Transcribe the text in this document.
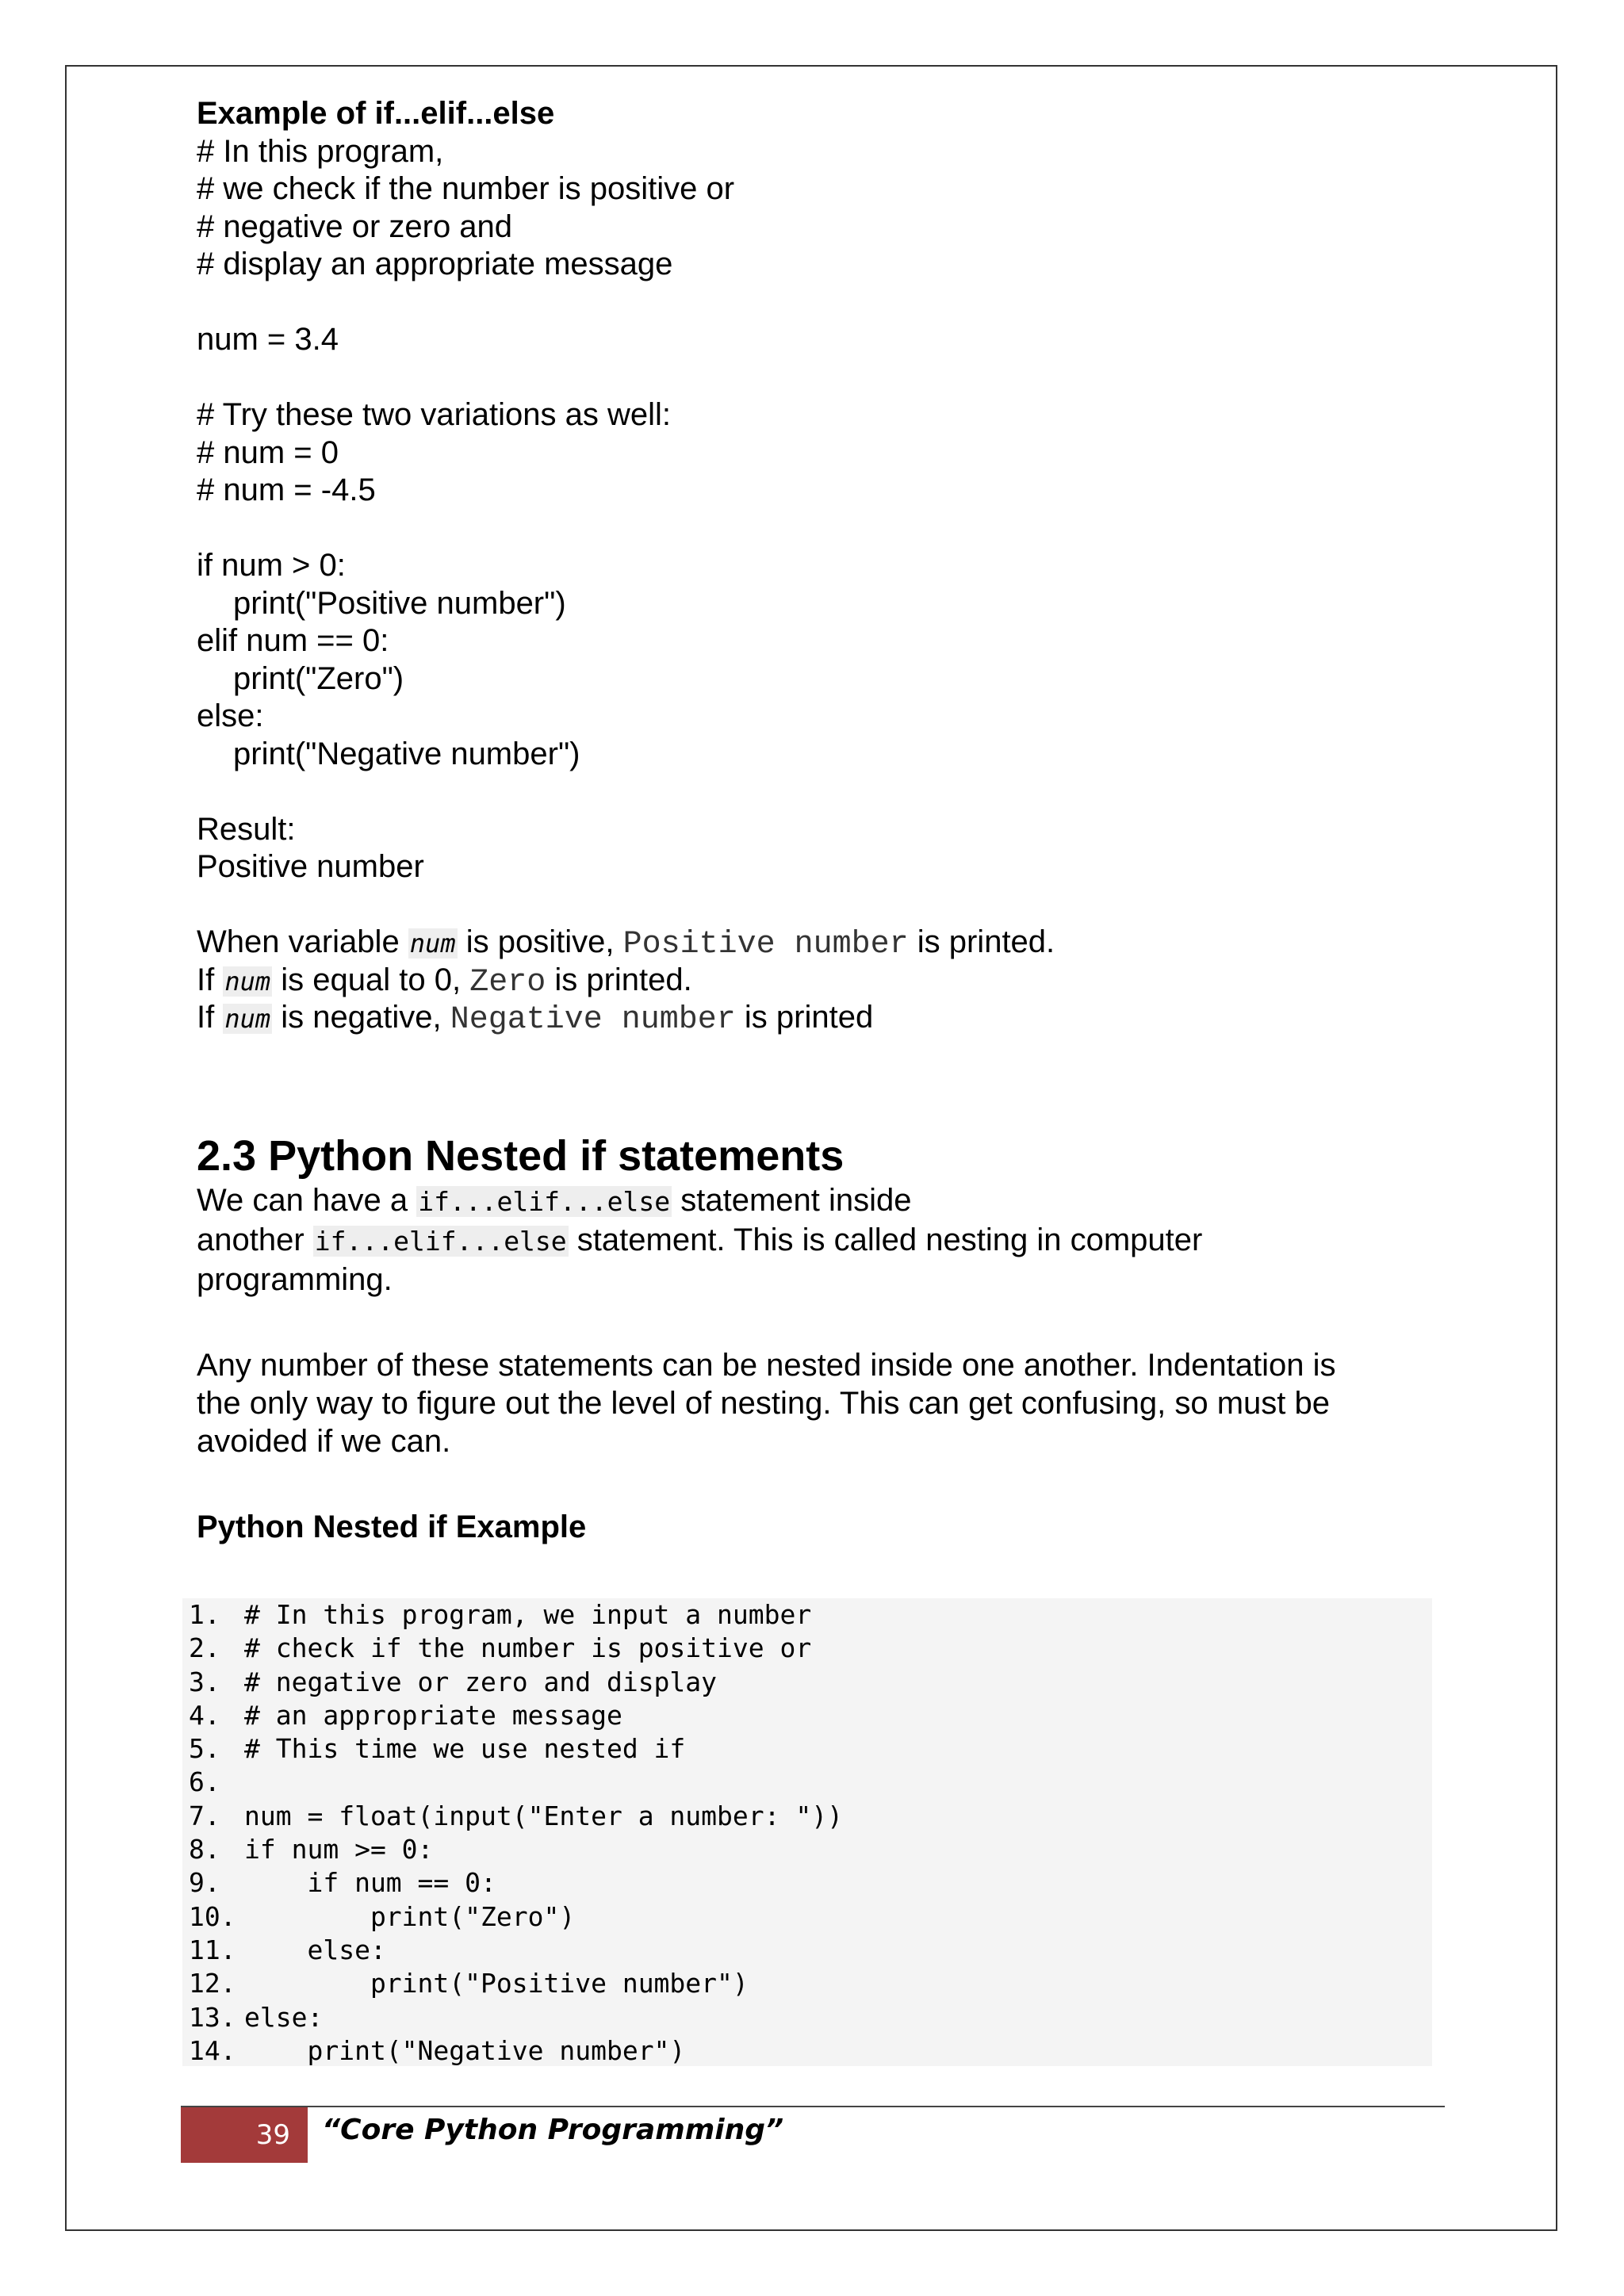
Example of if...elif...else

# In this program,

# we check if the number is positive or

# negative or zero and

# display an appropriate message

num = 3.4

# Try these two variations as well:

# num = 0

# num = -4.5

if num > 0:

print("Positive number")

elif num == 0:

print("Zero")

else:

print("Negative number")

Result:

Positive number

When variable num is positive, Positive number is printed.

If num is equal to 0, Zero is printed.

If num is negative, Negative number is printed

2.3 Python Nested if statements

We can have a if...elif...else statement inside

another if...elif...else statement. This is called nesting in computer

programming.

Any number of these statements can be nested inside one another. Indentation is

the only way to figure out the level of nesting. This can get confusing, so must be

avoided if we can.

Python Nested if Example

1. # In this program, we input a number
2. # check if the number is positive or
3. # negative or zero and display
4. # an appropriate message
5. # This time we use nested if
6.
7. num = float(input("Enter a number: "))
8. if num >= 0:
9. if num == 0:
10. print("Zero")
11. else:
12. print("Positive number")
13. else:
14. print("Negative number")
39 “Core Python Programming”
